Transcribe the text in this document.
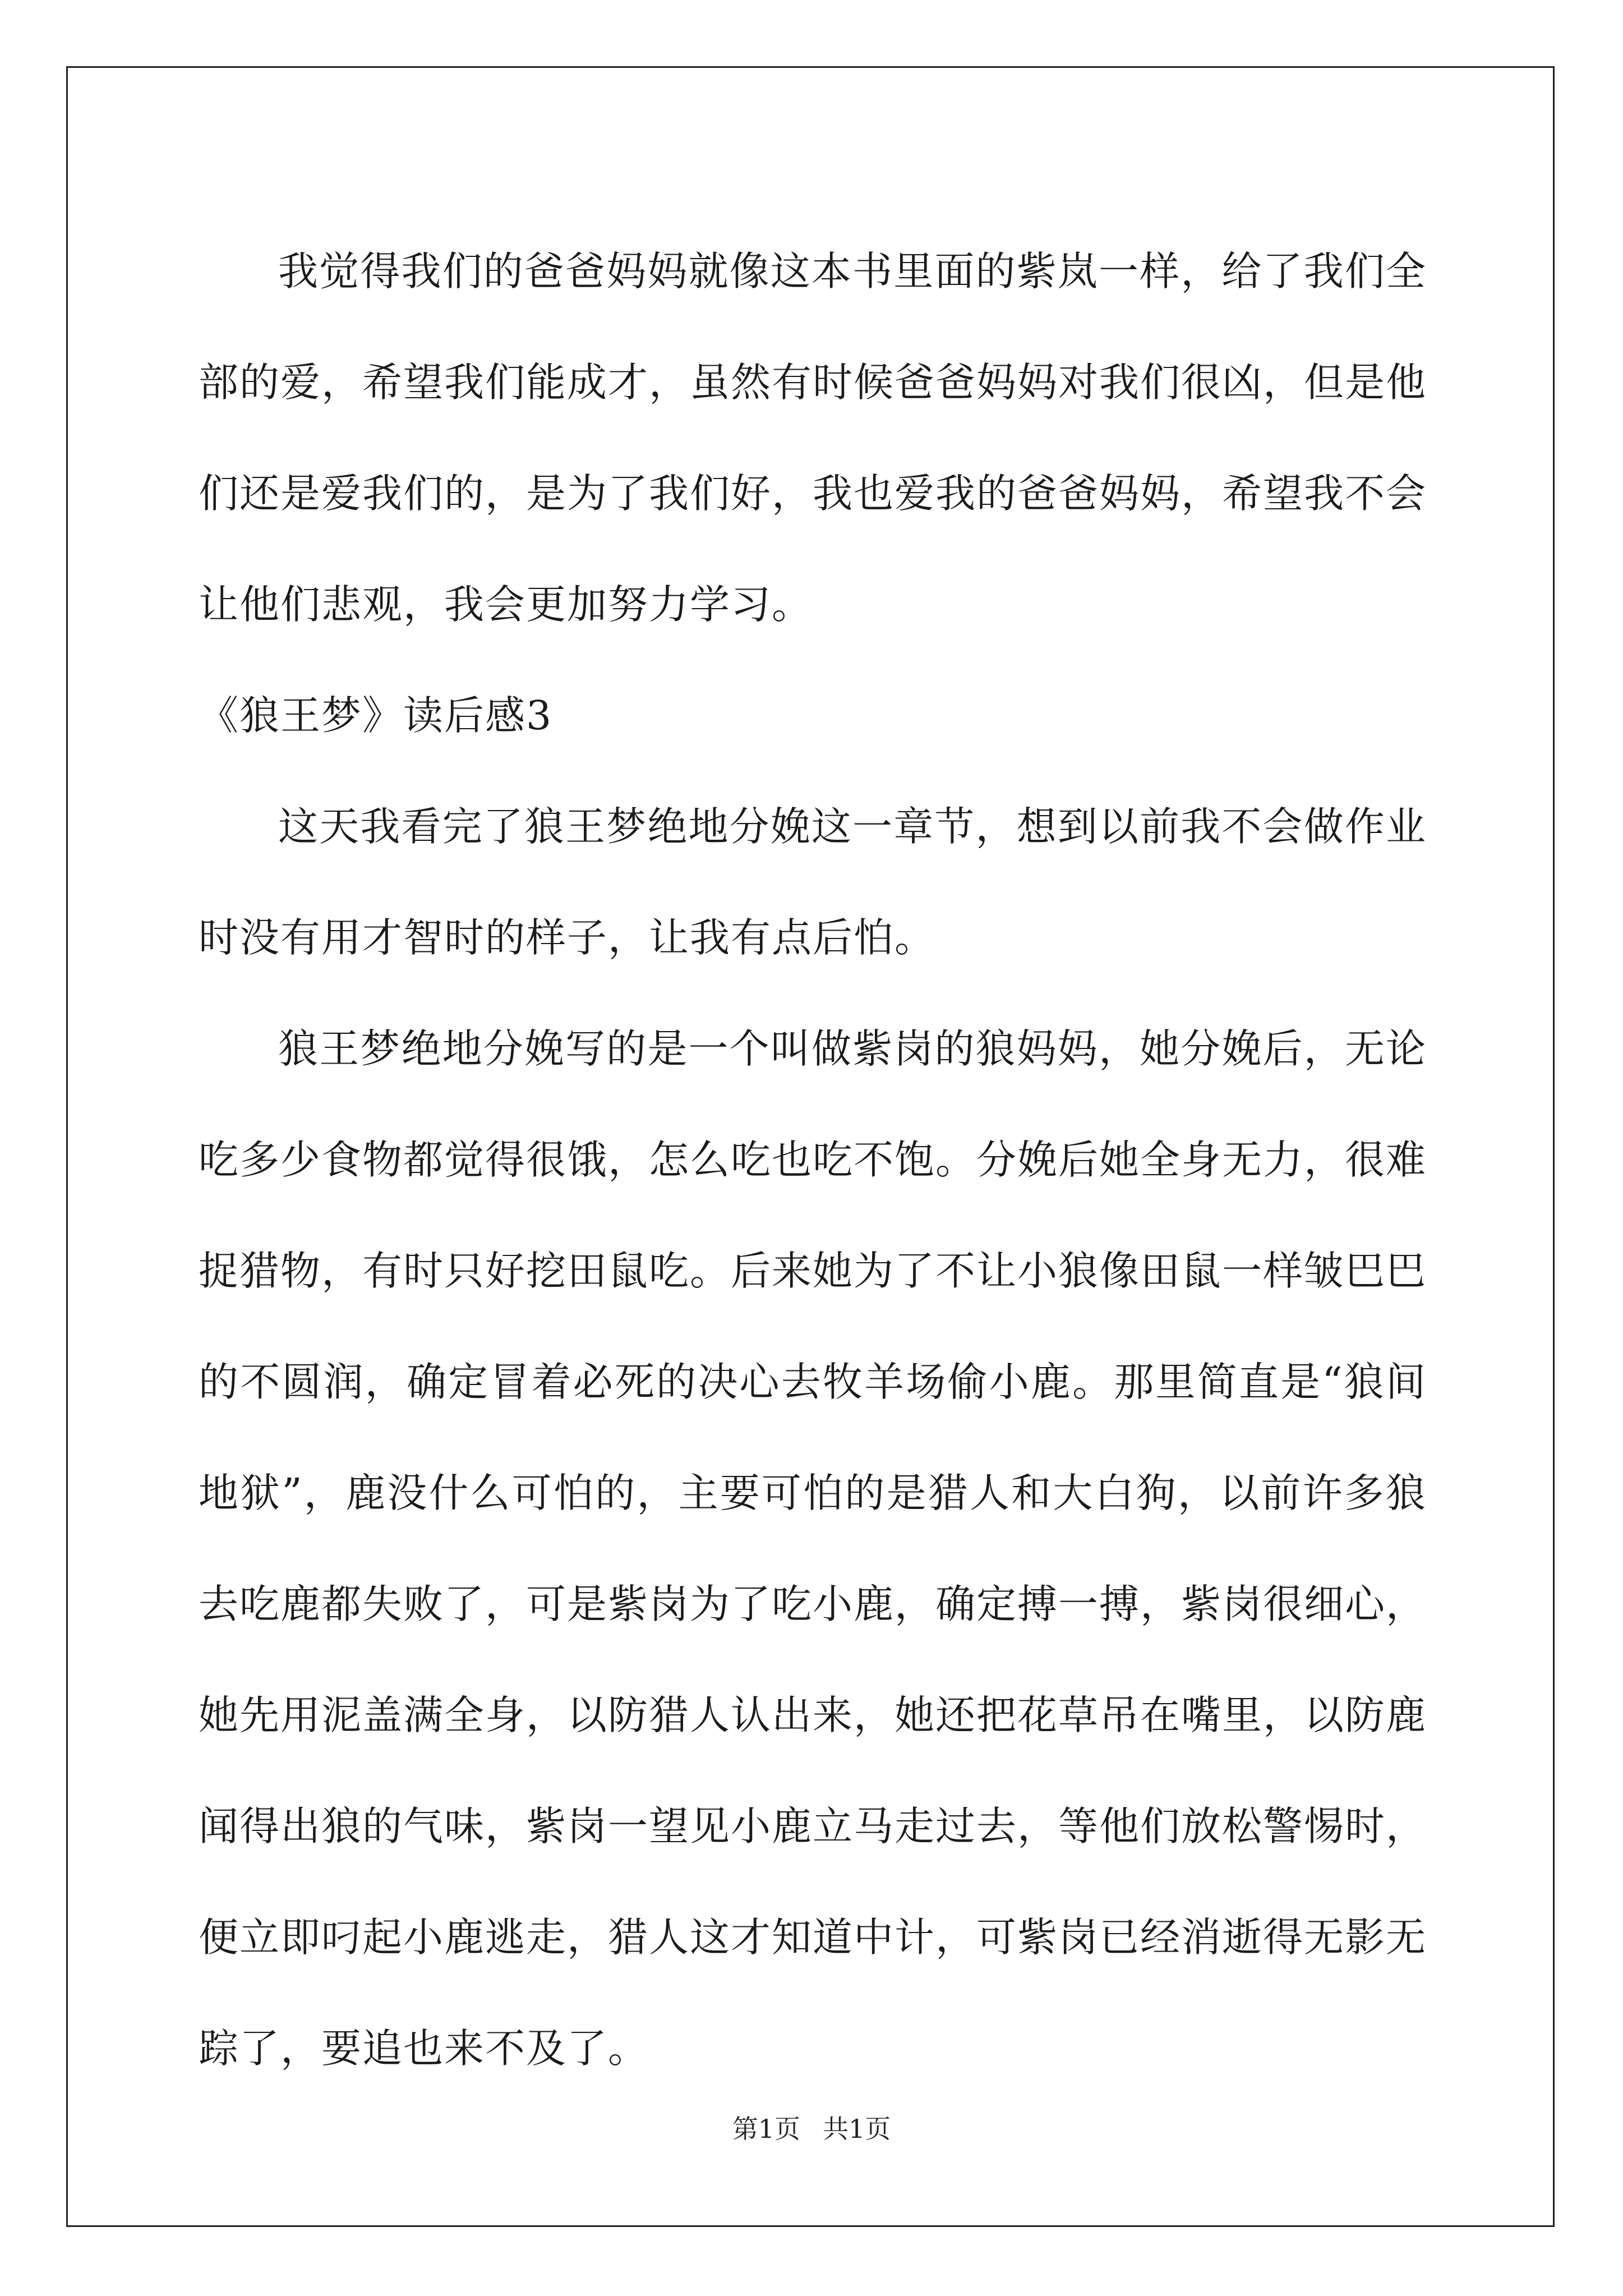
我觉得我们的爸爸妈妈就像这本书里面的紫岚一样，给了我们全部的爱，希望我们能成才，虽然有时候爸爸妈妈对我们很凶，但是他们还是爱我们的，是为了我们好，我也爱我的爸爸妈妈，希望我不会让他们悲观，我会更加努力学习。

《狼王梦》读后感3

这天我看完了狼王梦绝地分娩这一章节，想到以前我不会做作业时没有用才智时的样子，让我有点后怕。

狼王梦绝地分娩写的是一个叫做紫岗的狼妈妈，她分娩后，无论吃多少食物都觉得很饿，怎么吃也吃不饱。分娩后她全身无力，很难捉猎物，有时只好挖田鼠吃。后来她为了不让小狼像田鼠一样皱巴巴的不圆润，确定冒着必死的决心去牧羊场偷小鹿。那里简直是“狼间地狱”，鹿没什么可怕的，主要可怕的是猎人和大白狗，以前许多狼去吃鹿都失败了，可是紫岗为了吃小鹿，确定搏一搏，紫岗很细心，她先用泥盖满全身，以防猎人认出来，她还把花草吊在嘴里，以防鹿闻得出狼的气味，紫岗一望见小鹿立马走过去，等他们放松警惕时，便立即叼起小鹿逃走，猎人这才知道中计，可紫岗已经消逝得无影无踪了，要追也来不及了。

第1页 共1页
